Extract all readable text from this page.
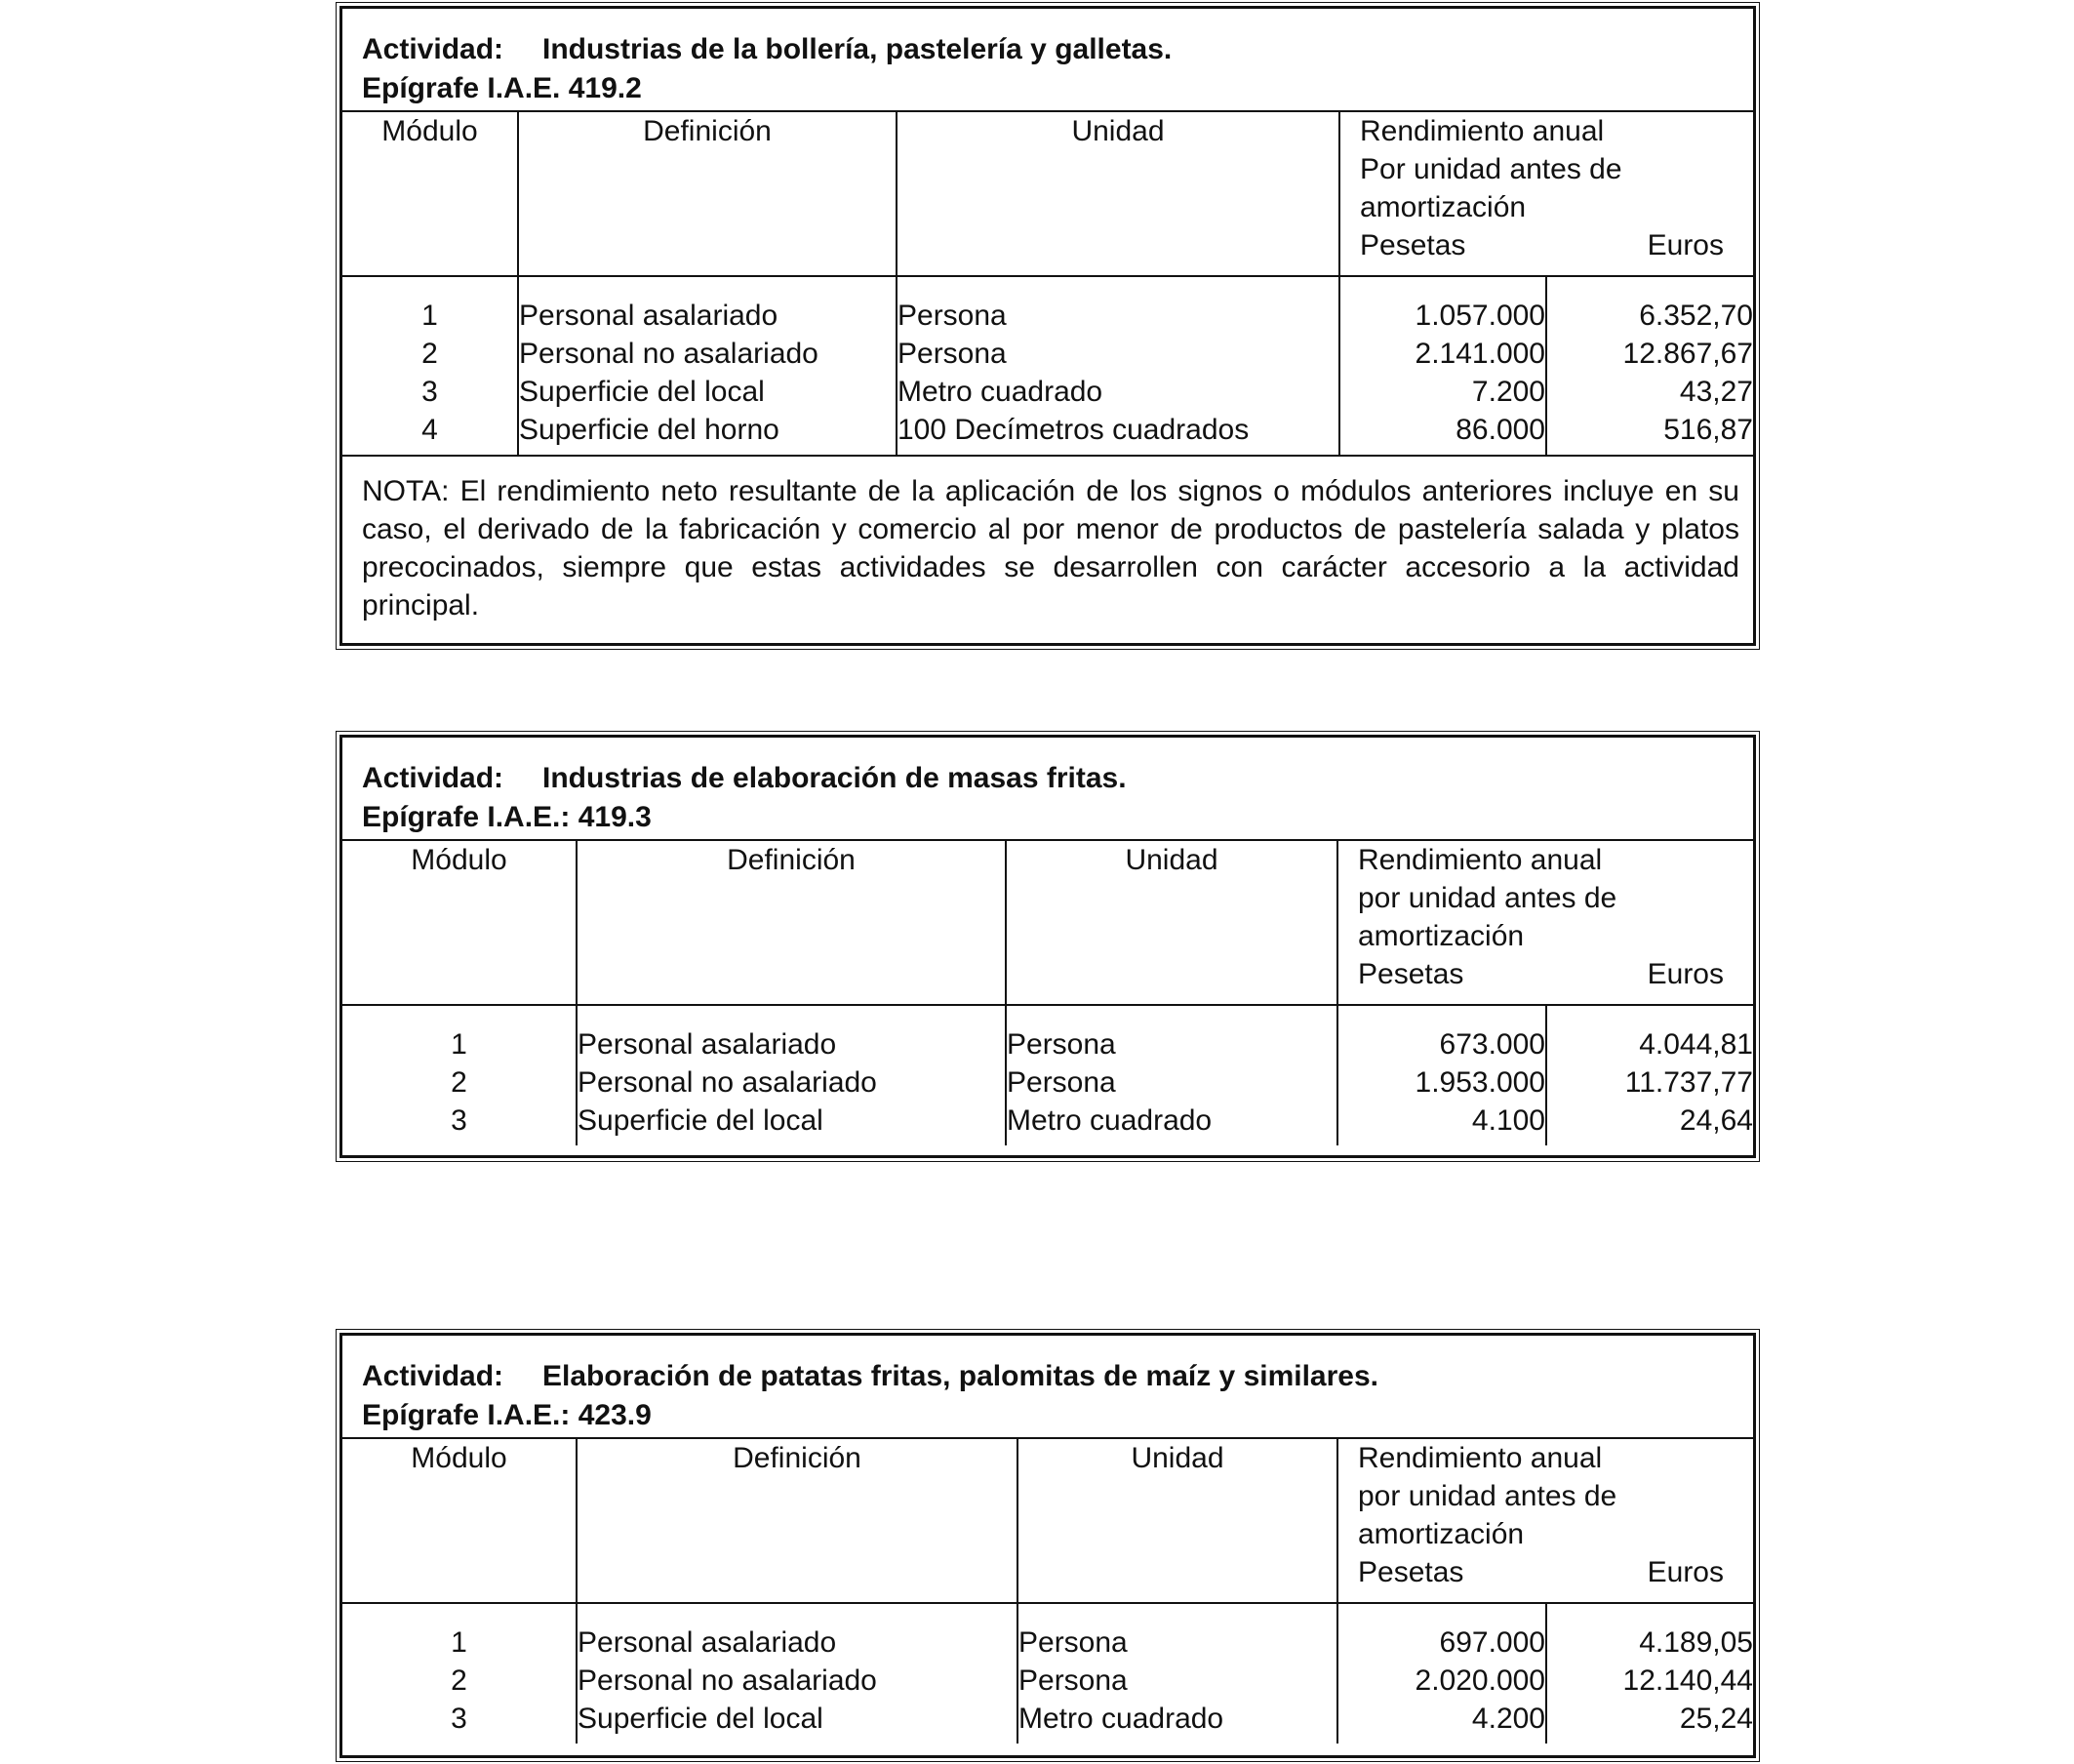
Actividad: Industrias de la bollería, pastelería y galletas.
Epígrafe I.A.E. 419.2
Módulo	Definición	Unidad	Rendimiento anual
Por unidad antes de
amortización
Pesetas Euros	

1	Personal asalariado	Persona	1.057.000	6.352,70
2	Personal no asalariado	Persona	2.141.000	12.867,67
3	Superficie del local	Metro cuadrado	7.200	43,27
4	Superficie del horno	100 Decímetros cuadrados	86.000	516,87
NOTA: El rendimiento neto resultante de la aplicación de los signos o módulos anteriores incluye en su caso, el derivado de la fabricación y comercio al por menor de productos de pastelería salada y platos precocinados, siempre que estas actividades se desarrollen con carácter accesorio a la actividad principal.
Actividad: Industrias de elaboración de masas fritas.
Epígrafe I.A.E.: 419.3
Módulo	Definición	Unidad	Rendimiento anual
por unidad antes de
amortización
Pesetas Euros	

1	Personal asalariado	Persona	673.000	4.044,81
2	Personal no asalariado	Persona	1.953.000	11.737,77
3	Superficie del local	Metro cuadrado	4.100	24,64
Actividad: Elaboración de patatas fritas, palomitas de maíz y similares.
Epígrafe I.A.E.: 423.9
Módulo	Definición	Unidad	Rendimiento anual
por unidad antes de
amortización
Pesetas Euros	

1	Personal asalariado	Persona	697.000	4.189,05
2	Personal no asalariado	Persona	2.020.000	12.140,44
3	Superficie del local	Metro cuadrado	4.200	25,24
